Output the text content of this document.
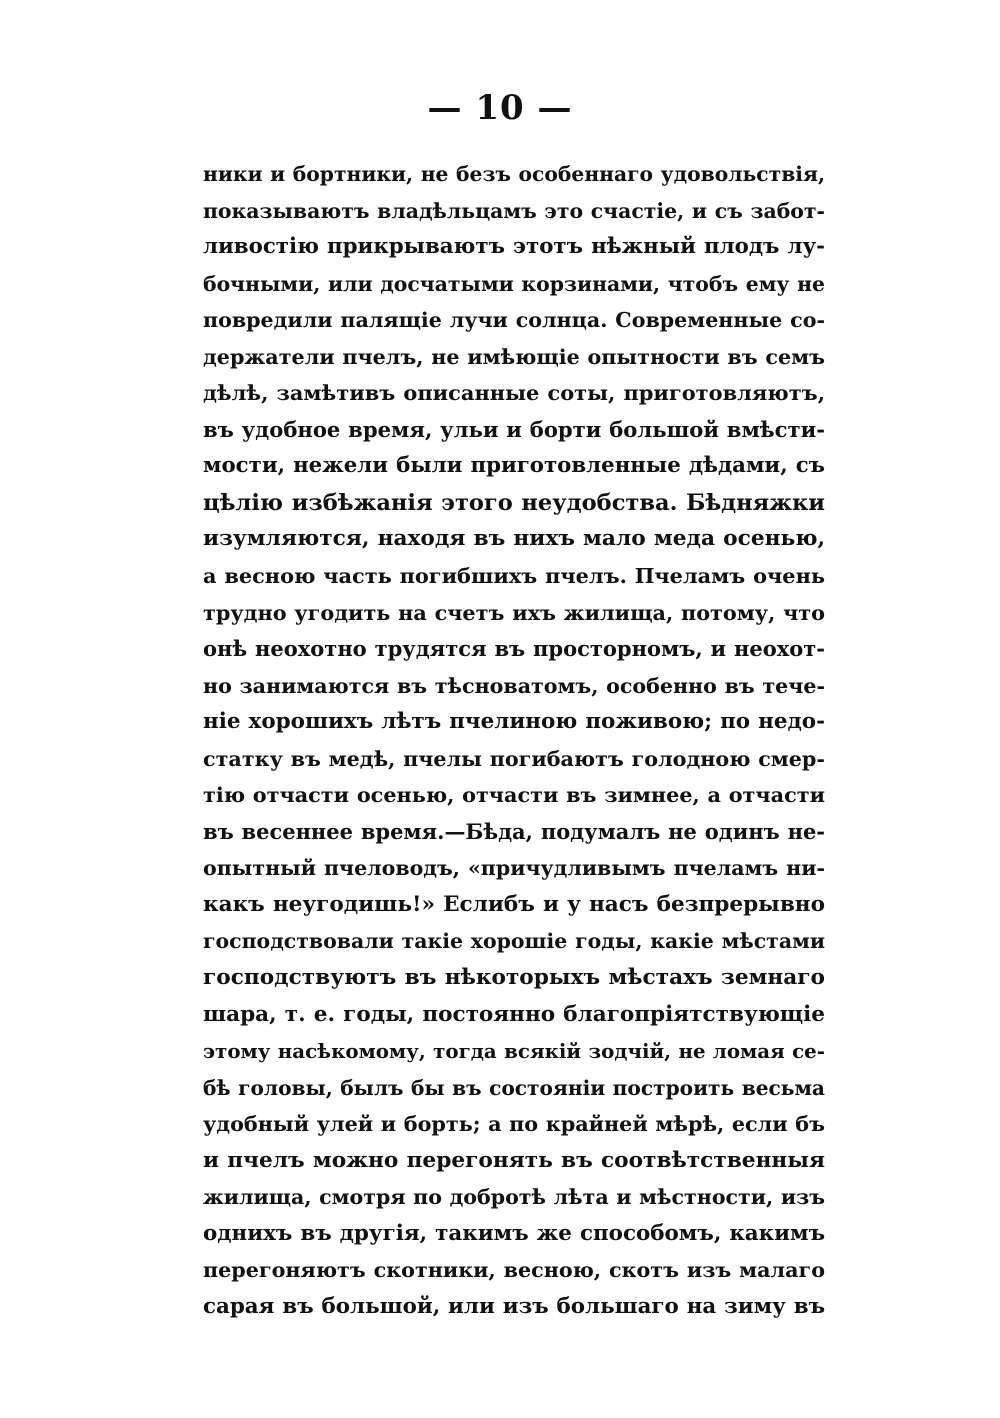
— 10 —
ники и бортники, не безъ особеннаго удовольствія,
показываютъ владѣльцамъ это счастіе, и съ забот-
ливостію прикрываютъ этотъ нѣжный плодъ лу-
бочными, или досчатыми корзинами, чтобъ ему не
повредили палящіе лучи солнца. Современные со-
держатели пчелъ, не имѣющіе опытности въ семъ
дѣлѣ, замѣтивъ описанные соты, приготовляютъ,
въ удобное время, ульи и борти большой вмѣсти-
мости, нежели были приготовленные дѣдами, съ
цѣлію избѣжанія этого неудобства. Бѣдняжки
изумляются, находя въ нихъ мало меда осенью,
а весною часть погибшихъ пчелъ. Пчеламъ очень
трудно угодить на счетъ ихъ жилища, потому, что
онѣ неохотно трудятся въ просторномъ, и неохот-
но занимаются въ тѣсноватомъ, особенно въ тече-
ніе хорошихъ лѣтъ пчелиною поживою; по недо-
статку въ медѣ, пчелы погибаютъ голодною смер-
тію отчасти осенью, отчасти въ зимнее, а отчасти
въ весеннее время.—Бѣда, подумалъ не одинъ не-
опытный пчеловодъ, «причудливымъ пчеламъ ни-
какъ неугодишь!» Еслибъ и у насъ безпрерывно
господствовали такіе хорошіе годы, какіе мѣстами
господствуютъ въ нѣкоторыхъ мѣстахъ земнаго
шара, т. е. годы, постоянно благопріятствующіе
этому насѣкомому, тогда всякій зодчій, не ломая се-
бѣ головы, былъ бы въ состояніи построить весьма
удобный улей и борть; а по крайней мѣрѣ, если бъ
и пчелъ можно перегонять въ соотвѣтственныя
жилища, смотря по добротѣ лѣта и мѣстности, изъ
однихъ въ другія, такимъ же способомъ, какимъ
перегоняютъ скотники, весною, скотъ изъ малаго
сарая въ большой, или изъ большаго на зиму въ
